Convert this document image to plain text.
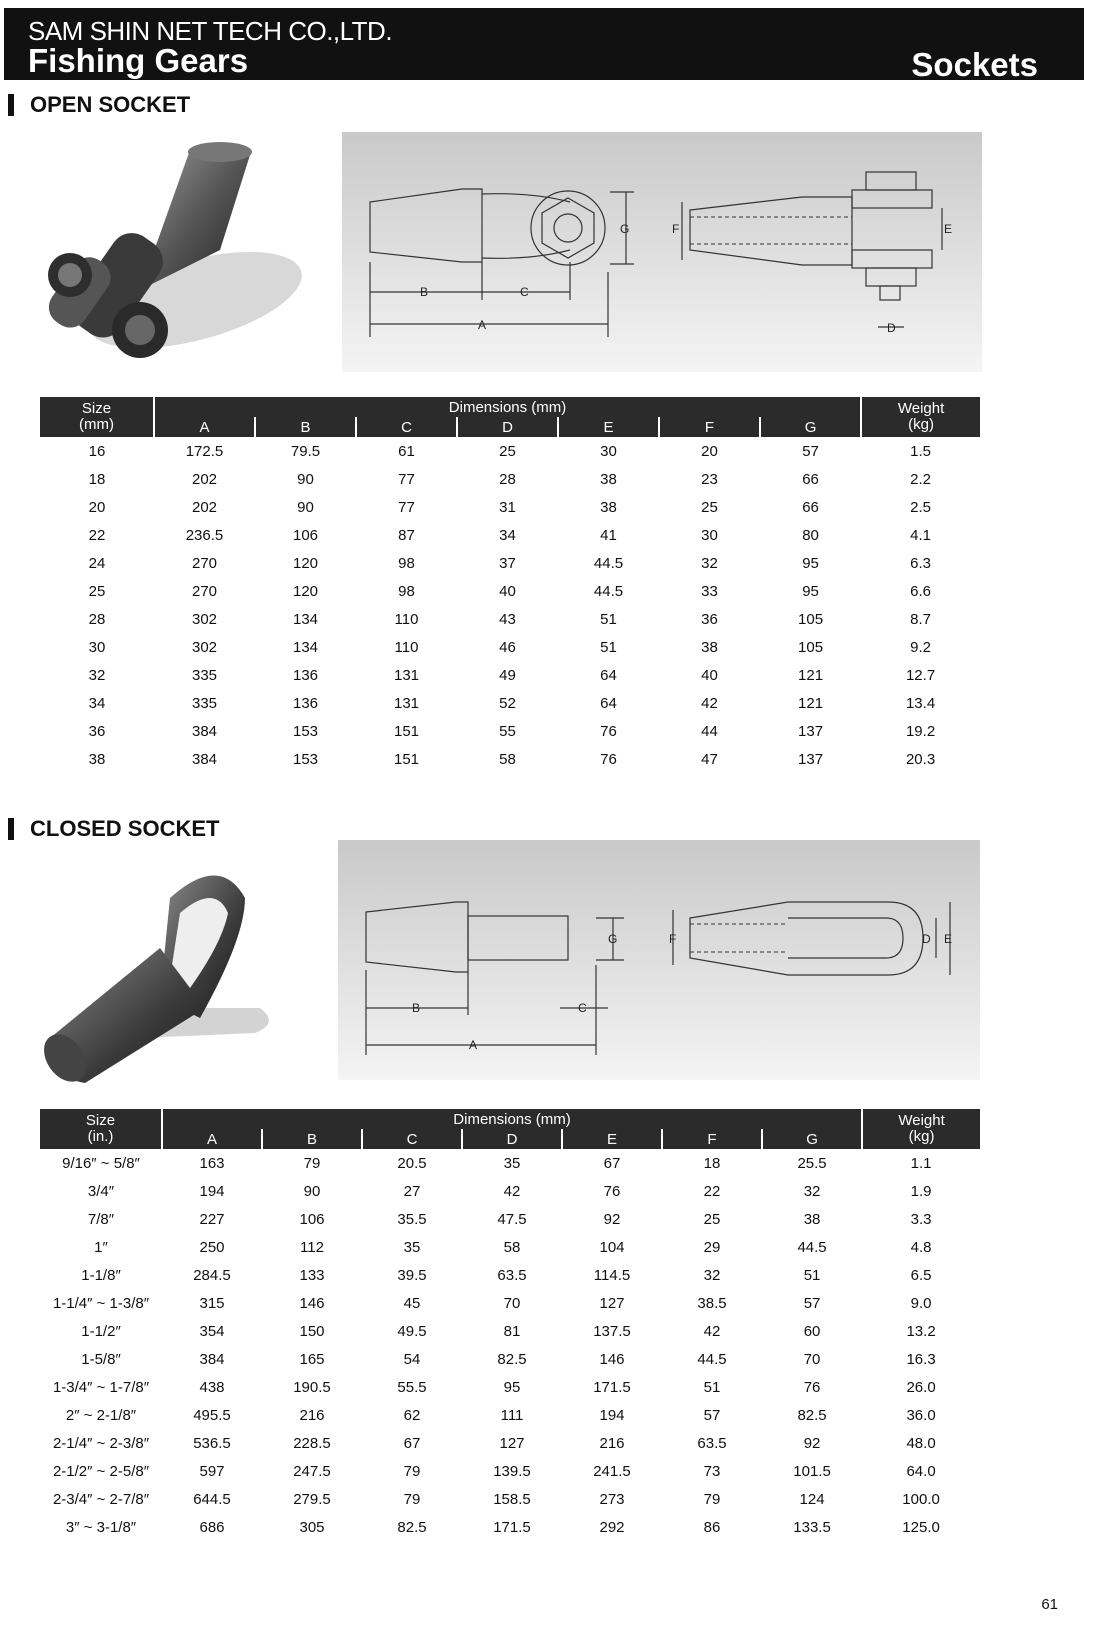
SAM SHIN NET TECH CO.,LTD.
Fishing Gears	Sockets
OPEN SOCKET
B	C
A
G	F	E
D
Size
(mm)	Dimensions (mm)							Weight
(kg)
	A	B	C	D	E	F	G	
16	172.5	79.5	61	25	30	20	57	1.5
18	202	90	77	28	38	23	66	2.2
20	202	90	77	31	38	25	66	2.5
22	236.5	106	87	34	41	30	80	4.1
24	270	120	98	37	44.5	32	95	6.3
25	270	120	98	40	44.5	33	95	6.6
28	302	134	110	43	51	36	105	8.7
30	302	134	110	46	51	38	105	9.2
32	335	136	131	49	64	40	121	12.7
34	335	136	131	52	64	42	121	13.4
36	384	153	151	55	76	44	137	19.2
38	384	153	151	58	76	47	137	20.3
CLOSED SOCKET
B	C
A
G	F	D E
Size
(in.)	Dimensions (mm)							Weight
(kg)
	A	B	C	D	E	F	G	
9/16″ ~ 5/8″	163	79	20.5	35	67	18	25.5	1.1
3/4″	194	90	27	42	76	22	32	1.9
7/8″	227	106	35.5	47.5	92	25	38	3.3
1″	250	112	35	58	104	29	44.5	4.8
1-1/8″	284.5	133	39.5	63.5	114.5	32	51	6.5
1-1/4″ ~ 1-3/8″	315	146	45	70	127	38.5	57	9.0
1-1/2″	354	150	49.5	81	137.5	42	60	13.2
1-5/8″	384	165	54	82.5	146	44.5	70	16.3
1-3/4″ ~ 1-7/8″	438	190.5	55.5	95	171.5	51	76	26.0
2″ ~ 2-1/8″	495.5	216	62	111	194	57	82.5	36.0
2-1/4″ ~ 2-3/8″	536.5	228.5	67	127	216	63.5	92	48.0
2-1/2″ ~ 2-5/8″	597	247.5	79	139.5	241.5	73	101.5	64.0
2-3/4″ ~ 2-7/8″	644.5	279.5	79	158.5	273	79	124	100.0
3″ ~ 3-1/8″	686	305	82.5	171.5	292	86	133.5	125.0
61
